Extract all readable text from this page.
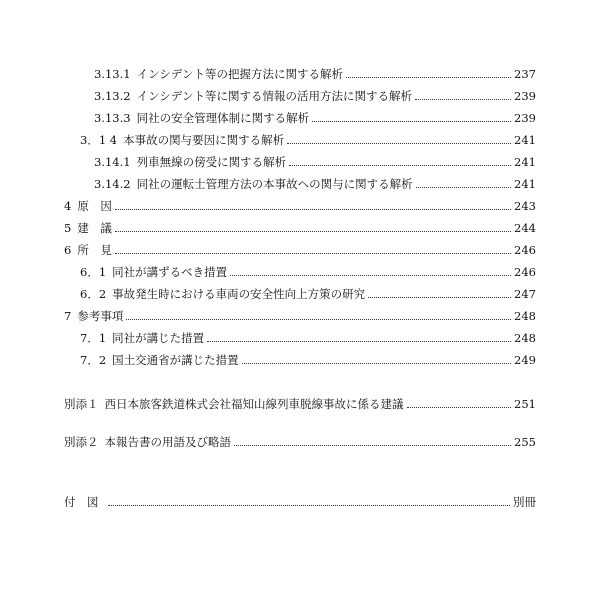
3.13.1 インシデント等の把握方法に関する解析	237
3.13.2 インシデント等に関する情報の活用方法に関する解析	239
3.13.3 同社の安全管理体制に関する解析	239
3．1 4 本事故の関与要因に関する解析	241
3.14.1 列車無線の傍受に関する解析	241
3.14.2 同社の運転士管理方法の本事故への関与に関する解析	241
4 原　因	243
5 建　議	244
6 所　見	246
6．1 同社が講ずるべき措置	246
6．2 事故発生時における車両の安全性向上方策の研究	247
7 参考事項	248
7．1 同社が講じた措置	248
7．2 国土交通省が講じた措置	249
別添１ 西日本旅客鉄道株式会社福知山線列車脱線事故に係る建議	251
別添２ 本報告書の用語及び略語	255
付　図	別冊
